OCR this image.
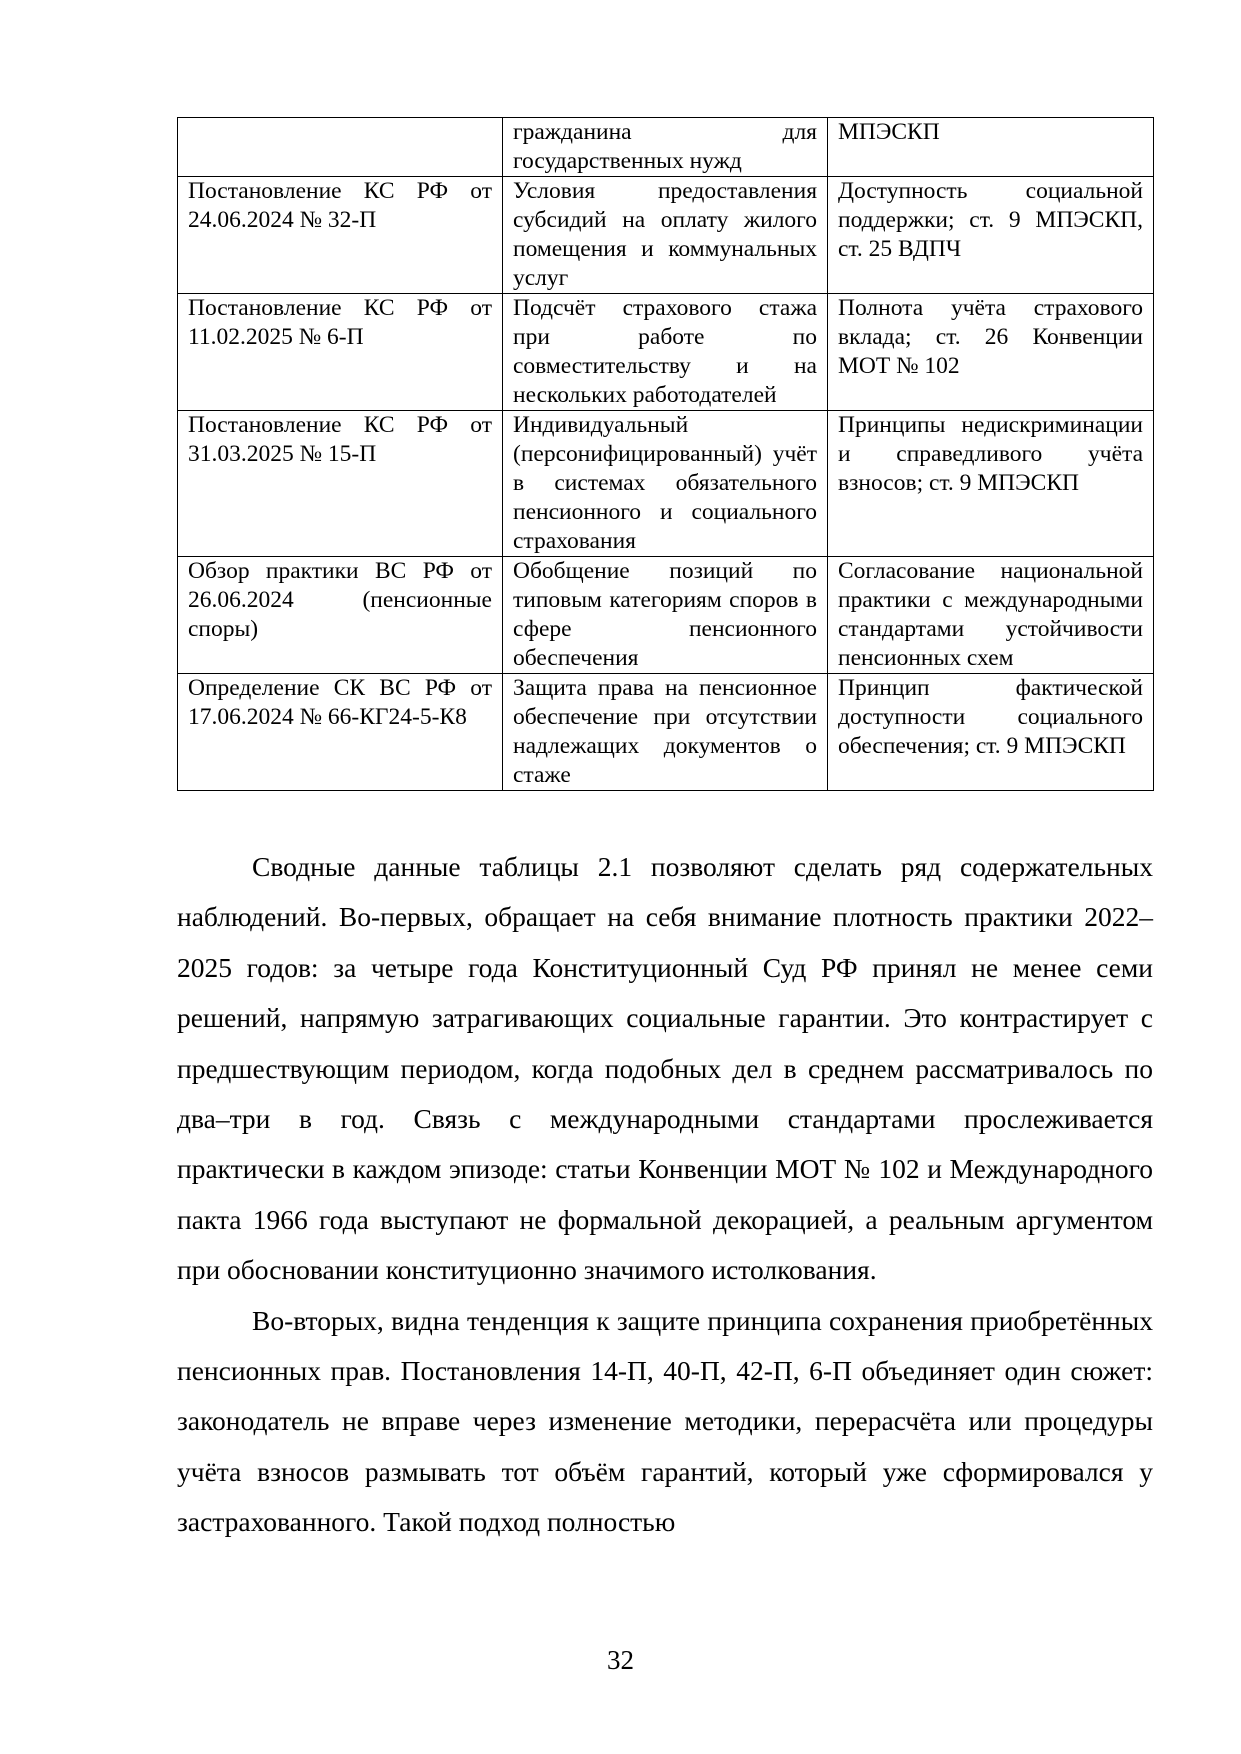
	гражданина для государственных нужд	МПЭСКП
Постановление КС РФ от 24.06.2024 № 32-П	Условия предоставления субсидий на оплату жилого помещения и коммунальных услуг	Доступность социальной поддержки; ст. 9 МПЭСКП, ст. 25 ВДПЧ
Постановление КС РФ от 11.02.2025 № 6-П	Подсчёт страхового стажа при работе по совместительству и на нескольких работодателей	Полнота учёта страхового вклада; ст. 26 Конвенции МОТ № 102
Постановление КС РФ от 31.03.2025 № 15-П	Индивидуальный (персонифицированный) учёт в системах обязательного пенсионного и социального страхования	Принципы недискриминации и справедливого учёта взносов; ст. 9 МПЭСКП
Обзор практики ВС РФ от 26.06.2024 (пенсионные споры)	Обобщение позиций по типовым категориям споров в сфере пенсионного обеспечения	Согласование национальной практики с международными стандартами устойчивости пенсионных схем
Определение СК ВС РФ от 17.06.2024 № 66-КГ24-5-К8	Защита права на пенсионное обеспечение при отсутствии надлежащих документов о стаже	Принцип фактической доступности социального обеспечения; ст. 9 МПЭСКП

Сводные данные таблицы 2.1 позволяют сделать ряд содержательных наблюдений. Во-первых, обращает на себя внимание плотность практики 2022–2025 годов: за четыре года Конституционный Суд РФ принял не менее семи решений, напрямую затрагивающих социальные гарантии. Это контрастирует с предшествующим периодом, когда подобных дел в среднем рассматривалось по два–три в год. Связь с международными стандартами прослеживается практически в каждом эпизоде: статьи Конвенции МОТ № 102 и Международного пакта 1966 года выступают не формальной декорацией, а реальным аргументом при обосновании конституционно значимого истолкования.

Во-вторых, видна тенденция к защите принципа сохранения приобретённых пенсионных прав. Постановления 14-П, 40-П, 42-П, 6-П объединяет один сюжет: законодатель не вправе через изменение методики, перерасчёта или процедуры учёта взносов размывать тот объём гарантий, который уже сформировался у застрахованного. Такой подход полностью

32
